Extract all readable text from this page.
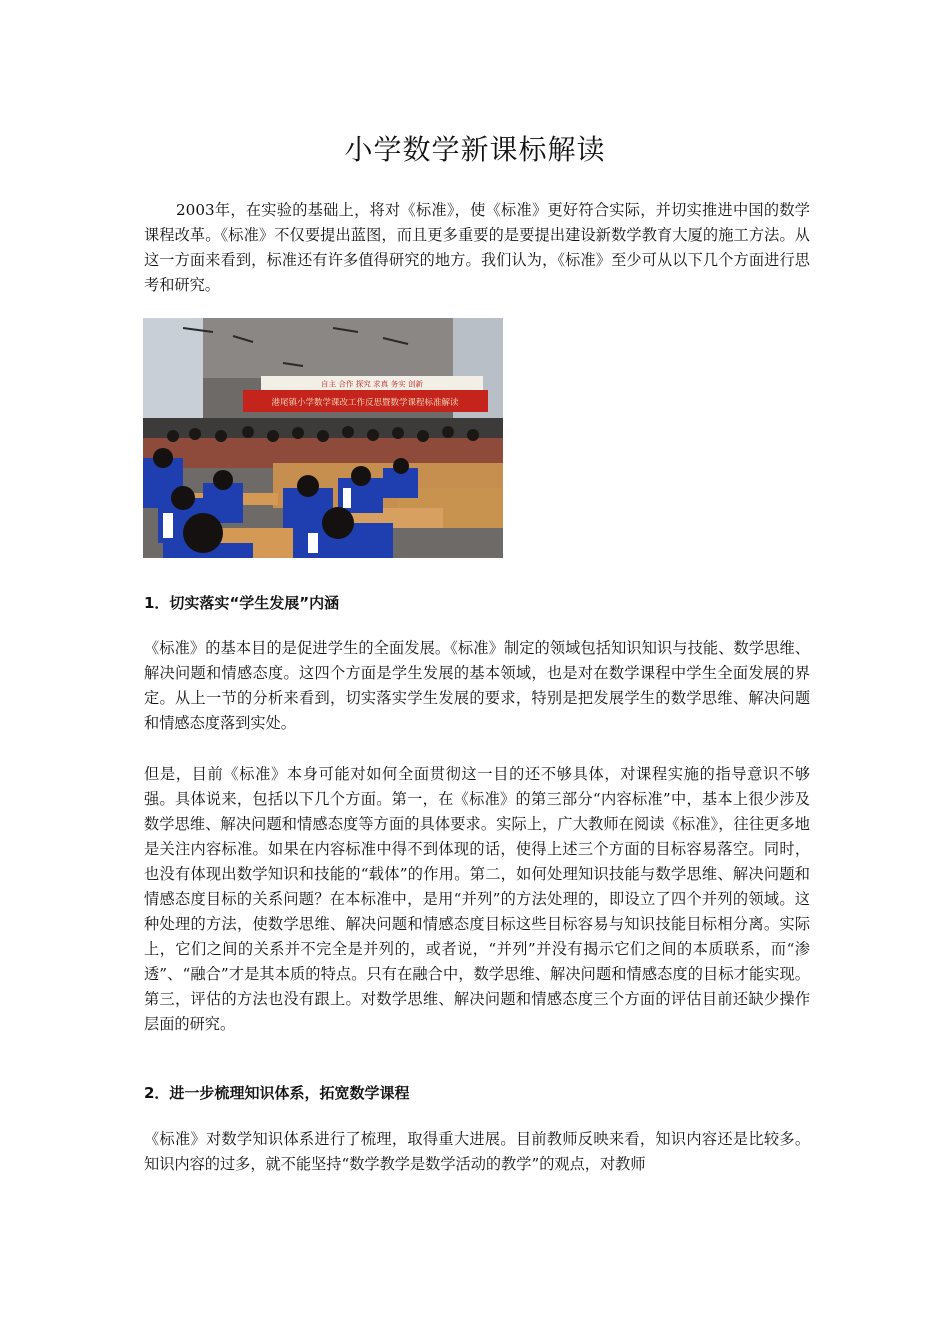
小学数学新课标解读

2003年，在实验的基础上，将对《标准》，使《标准》更好符合实际，并切实推进中国的数学课程改革。《标准》不仅要提出蓝图，而且更多重要的是要提出建设新数学教育大厦的施工方法。从这一方面来看到，标准还有许多值得研究的地方。我们认为，《标准》至少可从以下几个方面进行思考和研究。

自主 合作 探究 求真 务实 创新
港尾镇小学数学课改工作反思暨数学课程标准解读
1．切实落实“学生发展”内涵

《标准》的基本目的是促进学生的全面发展。《标准》制定的领域包括知识知识与技能、数学思维、解决问题和情感态度。这四个方面是学生发展的基本领域，也是对在数学课程中学生全面发展的界定。从上一节的分析来看到，切实落实学生发展的要求，特别是把发展学生的数学思维、解决问题和情感态度落到实处。

但是，目前《标准》本身可能对如何全面贯彻这一目的还不够具体，对课程实施的指导意识不够强。具体说来，包括以下几个方面。第一，在《标准》的第三部分“内容标准”中，基本上很少涉及数学思维、解决问题和情感态度等方面的具体要求。实际上，广大教师在阅读《标准》，往往更多地是关注内容标准。如果在内容标准中得不到体现的话，使得上述三个方面的目标容易落空。同时，也没有体现出数学知识和技能的“载体”的作用。第二，如何处理知识技能与数学思维、解决问题和情感态度目标的关系问题？在本标准中，是用“并列”的方法处理的，即设立了四个并列的领域。这种处理的方法，使数学思维、解决问题和情感态度目标这些目标容易与知识技能目标相分离。实际上，它们之间的关系并不完全是并列的，或者说，“并列”并没有揭示它们之间的本质联系，而“渗透”、“融合”才是其本质的特点。只有在融合中，数学思维、解决问题和情感态度的目标才能实现。第三，评估的方法也没有跟上。对数学思维、解决问题和情感态度三个方面的评估目前还缺少操作层面的研究。

2．进一步梳理知识体系，拓宽数学课程

《标准》对数学知识体系进行了梳理，取得重大进展。目前教师反映来看，知识内容还是比较多。知识内容的过多，就不能坚持“数学教学是数学活动的教学”的观点，对教师
